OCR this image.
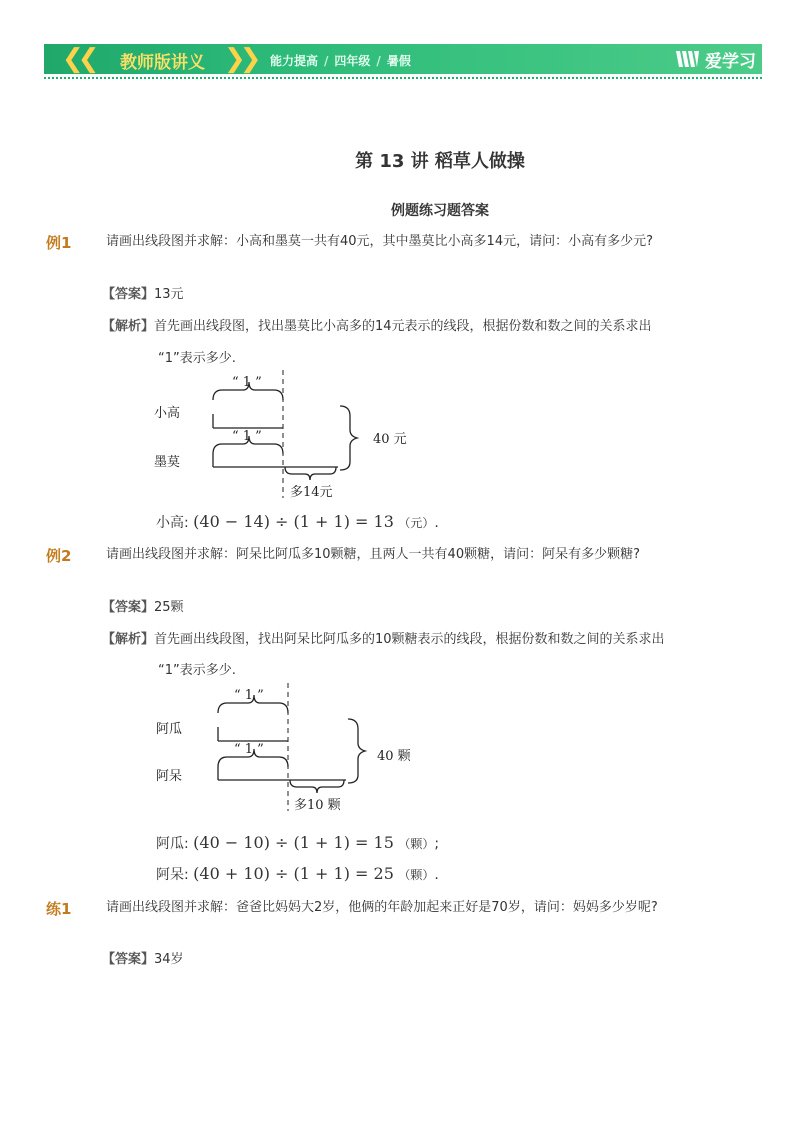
❮❮ 教师版讲义 ❯❯ 能力提高 / 四年级 / 暑假	爱学习
第 13 讲 稻草人做操
例题练习题答案
例1	请画出线段图并求解：小高和墨莫一共有40元，其中墨莫比小高多14元，请问：小高有多少元?
【答案】13元
【解析】首先画出线段图，找出墨莫比小高多的14元表示的线段，根据份数和数之间的关系求出
“1”表示多少.
“ 1 ”
小高
“ 1 ”
墨莫
40 元
多14元
小高: (40 − 14) ÷ (1 + 1) = 13 （元）.
例2	请画出线段图并求解：阿呆比阿瓜多10颗糖，且两人一共有40颗糖，请问：阿呆有多少颗糖?
【答案】25颗
【解析】首先画出线段图，找出阿呆比阿瓜多的10颗糖表示的线段，根据份数和数之间的关系求出
“1”表示多少.
“ 1 ”
阿瓜
“ 1 ”
阿呆
40 颗
多10 颗
阿瓜: (40 − 10) ÷ (1 + 1) = 15 （颗）;
阿呆: (40 + 10) ÷ (1 + 1) = 25 （颗）.
练1	请画出线段图并求解：爸爸比妈妈大2岁，他俩的年龄加起来正好是70岁，请问：妈妈多少岁呢?
【答案】34岁
